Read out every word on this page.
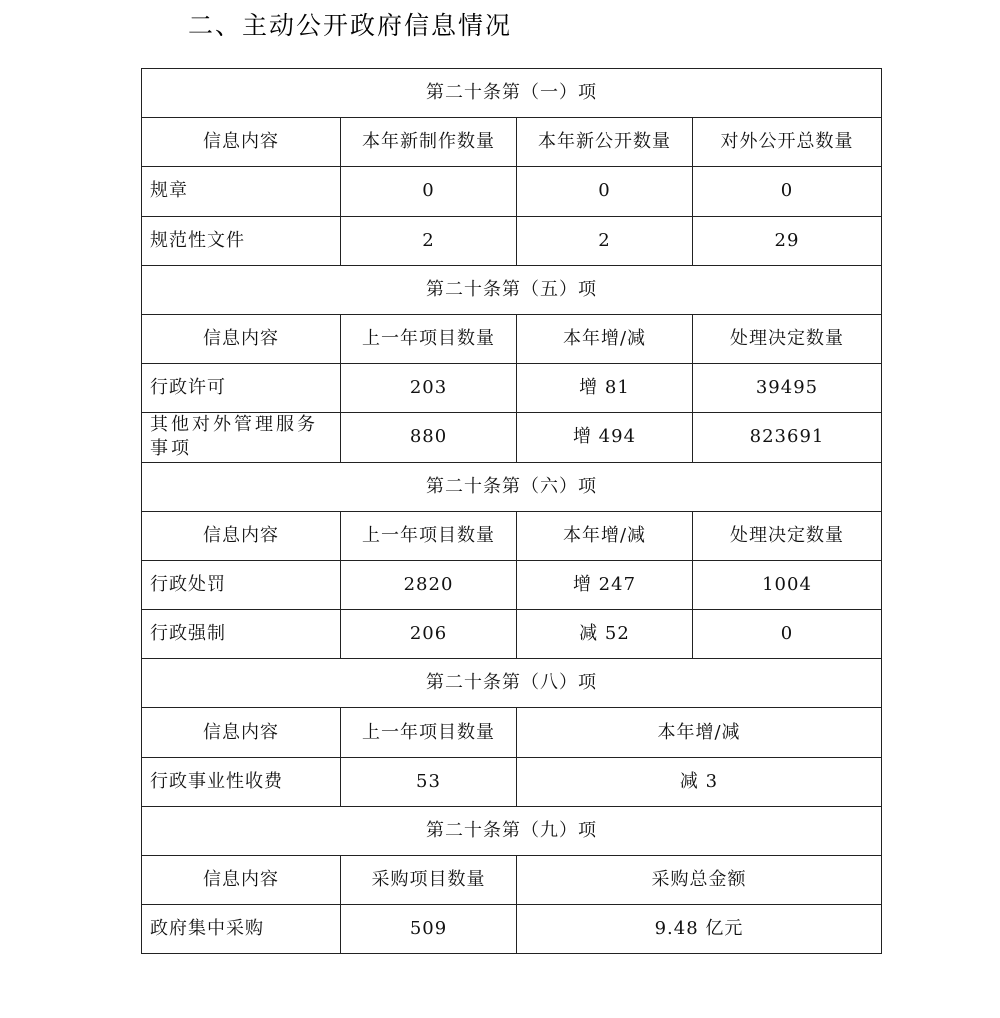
二、主动公开政府信息情况
第二十条第（一）项			
信息内容	本年新制作数量	本年新公开数量	对外公开总数量
规章	0	0	0
规范性文件	2	2	29
第二十条第（五）项			
信息内容	上一年项目数量	本年增/减	处理决定数量
行政许可	203	增 81	39495
其他对外管理服务事项	880	增 494	823691
第二十条第（六）项			
信息内容	上一年项目数量	本年增/减	处理决定数量
行政处罚	2820	增 247	1004
行政强制	206	减 52	0
第二十条第（八）项			
信息内容	上一年项目数量	本年增/减	
行政事业性收费	53	减 3	
第二十条第（九）项			
信息内容	采购项目数量	采购总金额	
政府集中采购	509	9.48 亿元	
